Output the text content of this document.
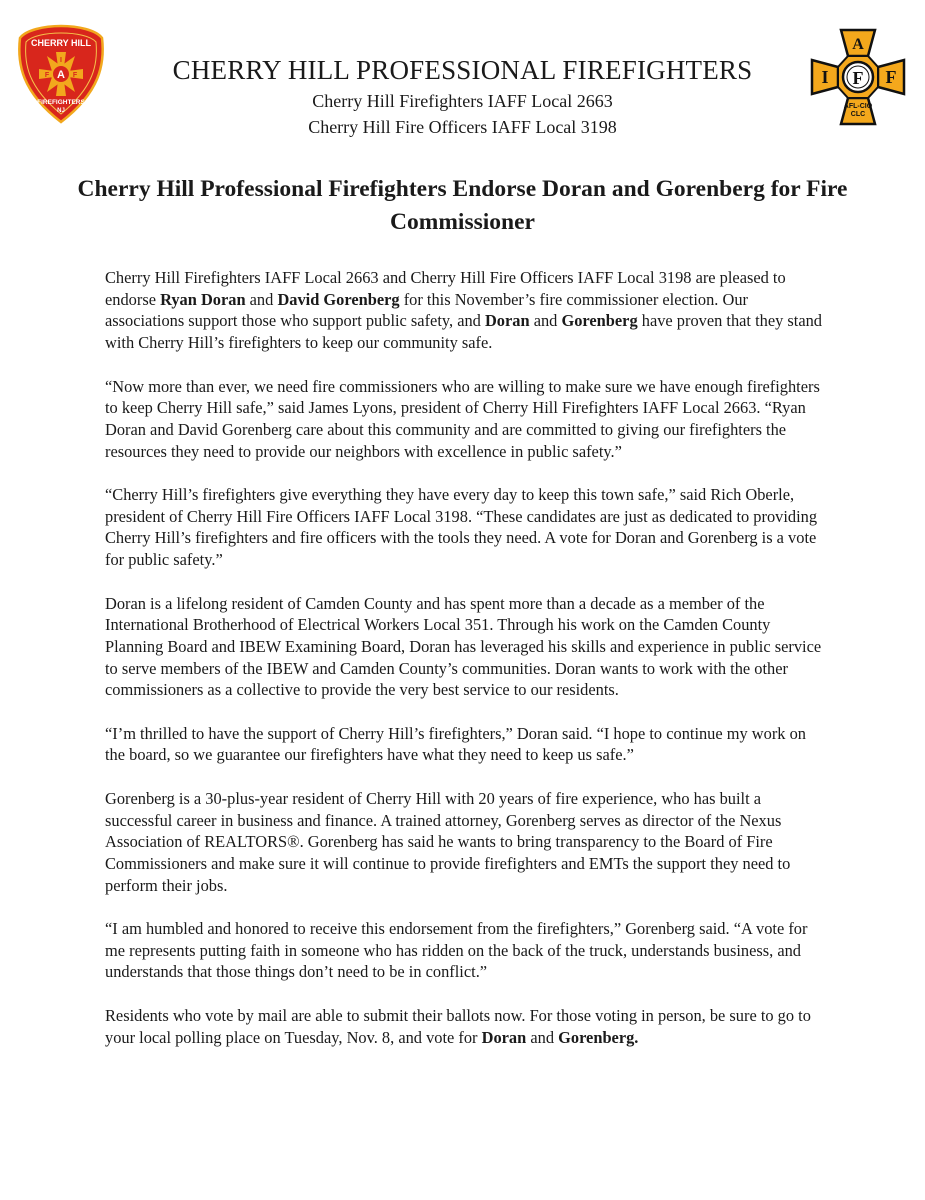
CHERRY HILL
A
I
F	F
FIREFIGHTERS
NJ
CHERRY HILL PROFESSIONAL FIREFIGHTERS
Cherry Hill Firefighters IAFF Local 2663
Cherry Hill Fire Officers IAFF Local 3198
A
I F F
AFL-CIO
CLC
Cherry Hill Professional Firefighters Endorse Doran and Gorenberg for Fire Commissioner

Cherry Hill Firefighters IAFF Local 2663 and Cherry Hill Fire Officers IAFF Local 3198 are pleased to endorse Ryan Doran and David Gorenberg for this November’s fire commissioner election. Our associations support those who support public safety, and Doran and Gorenberg have proven that they stand with Cherry Hill’s firefighters to keep our community safe.

“Now more than ever, we need fire commissioners who are willing to make sure we have enough firefighters to keep Cherry Hill safe,” said James Lyons, president of Cherry Hill Firefighters IAFF Local 2663. “Ryan Doran and David Gorenberg care about this community and are committed to giving our firefighters the resources they need to provide our neighbors with excellence in public safety.”

“Cherry Hill’s firefighters give everything they have every day to keep this town safe,” said Rich Oberle, president of Cherry Hill Fire Officers IAFF Local 3198. “These candidates are just as dedicated to providing Cherry Hill’s firefighters and fire officers with the tools they need. A vote for Doran and Gorenberg is a vote for public safety.”

Doran is a lifelong resident of Camden County and has spent more than a decade as a member of the International Brotherhood of Electrical Workers Local 351. Through his work on the Camden County Planning Board and IBEW Examining Board, Doran has leveraged his skills and experience in public service to serve members of the IBEW and Camden County’s communities. Doran wants to work with the other commissioners as a collective to provide the very best service to our residents.

“I’m thrilled to have the support of Cherry Hill’s firefighters,” Doran said. “I hope to continue my work on the board, so we guarantee our firefighters have what they need to keep us safe.”

Gorenberg is a 30-plus-year resident of Cherry Hill with 20 years of fire experience, who has built a successful career in business and finance. A trained attorney, Gorenberg serves as director of the Nexus Association of REALTORS®. Gorenberg has said he wants to bring transparency to the Board of Fire Commissioners and make sure it will continue to provide firefighters and EMTs the support they need to perform their jobs.

“I am humbled and honored to receive this endorsement from the firefighters,” Gorenberg said. “A vote for me represents putting faith in someone who has ridden on the back of the truck, understands business, and understands that those things don’t need to be in conflict.”

Residents who vote by mail are able to submit their ballots now. For those voting in person, be sure to go to your local polling place on Tuesday, Nov. 8, and vote for Doran and Gorenberg.
